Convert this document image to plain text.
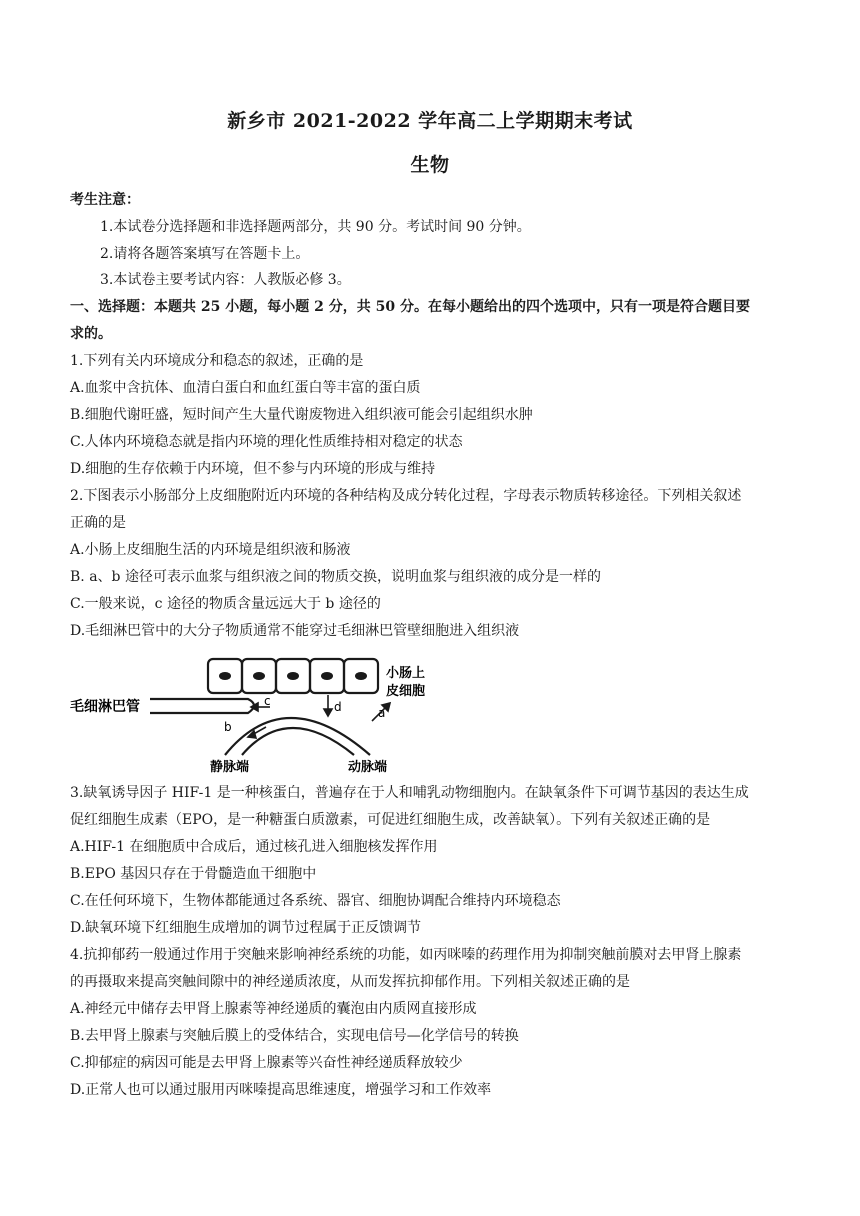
新乡市 2021-2022 学年高二上学期期末考试
生物
考生注意：
1.本试卷分选择题和非选择题两部分，共 90 分。考试时间 90 分钟。
2.请将各题答案填写在答题卡上。
3.本试卷主要考试内容：人教版必修 3。
一、选择题：本题共 25 小题，每小题 2 分，共 50 分。在每小题给出的四个选项中，只有一项是符合题目要
求的。
1.下列有关内环境成分和稳态的叙述，正确的是
A.血浆中含抗体、血清白蛋白和血红蛋白等丰富的蛋白质
B.细胞代谢旺盛，短时间产生大量代谢废物进入组织液可能会引起组织水肿
C.人体内环境稳态就是指内环境的理化性质维持相对稳定的状态
D.细胞的生存依赖于内环境，但不参与内环境的形成与维持
2.下图表示小肠部分上皮细胞附近内环境的各种结构及成分转化过程，字母表示物质转移途径。下列相关叙述
正确的是
A.小肠上皮细胞生活的内环境是组织液和肠液
B. a、b 途径可表示血浆与组织液之间的物质交换，说明血浆与组织液的成分是一样的
C.一般来说，c 途径的物质含量远远大于 b 途径的
D.毛细淋巴管中的大分子物质通常不能穿过毛细淋巴管壁细胞进入组织液
毛细淋巴管
小肠上
皮细胞
静脉端	动脉端
a
b
c	d
3.缺氧诱导因子 HIF-1 是一种核蛋白，普遍存在于人和哺乳动物细胞内。在缺氧条件下可调节基因的表达生成
促红细胞生成素（EPO，是一种糖蛋白质激素，可促进红细胞生成，改善缺氧）。下列有关叙述正确的是
A.HIF-1 在细胞质中合成后，通过核孔进入细胞核发挥作用
B.EPO 基因只存在于骨髓造血干细胞中
C.在任何环境下，生物体都能通过各系统、器官、细胞协调配合维持内环境稳态
D.缺氧环境下红细胞生成增加的调节过程属于正反馈调节
4.抗抑郁药一般通过作用于突触来影响神经系统的功能，如丙咪嗪的药理作用为抑制突触前膜对去甲肾上腺素
的再摄取来提高突触间隙中的神经递质浓度，从而发挥抗抑郁作用。下列相关叙述正确的是
A.神经元中储存去甲肾上腺素等神经递质的囊泡由内质网直接形成
B.去甲肾上腺素与突触后膜上的受体结合，实现电信号—化学信号的转换
C.抑郁症的病因可能是去甲肾上腺素等兴奋性神经递质释放较少
D.正常人也可以通过服用丙咪嗪提高思维速度，增强学习和工作效率
